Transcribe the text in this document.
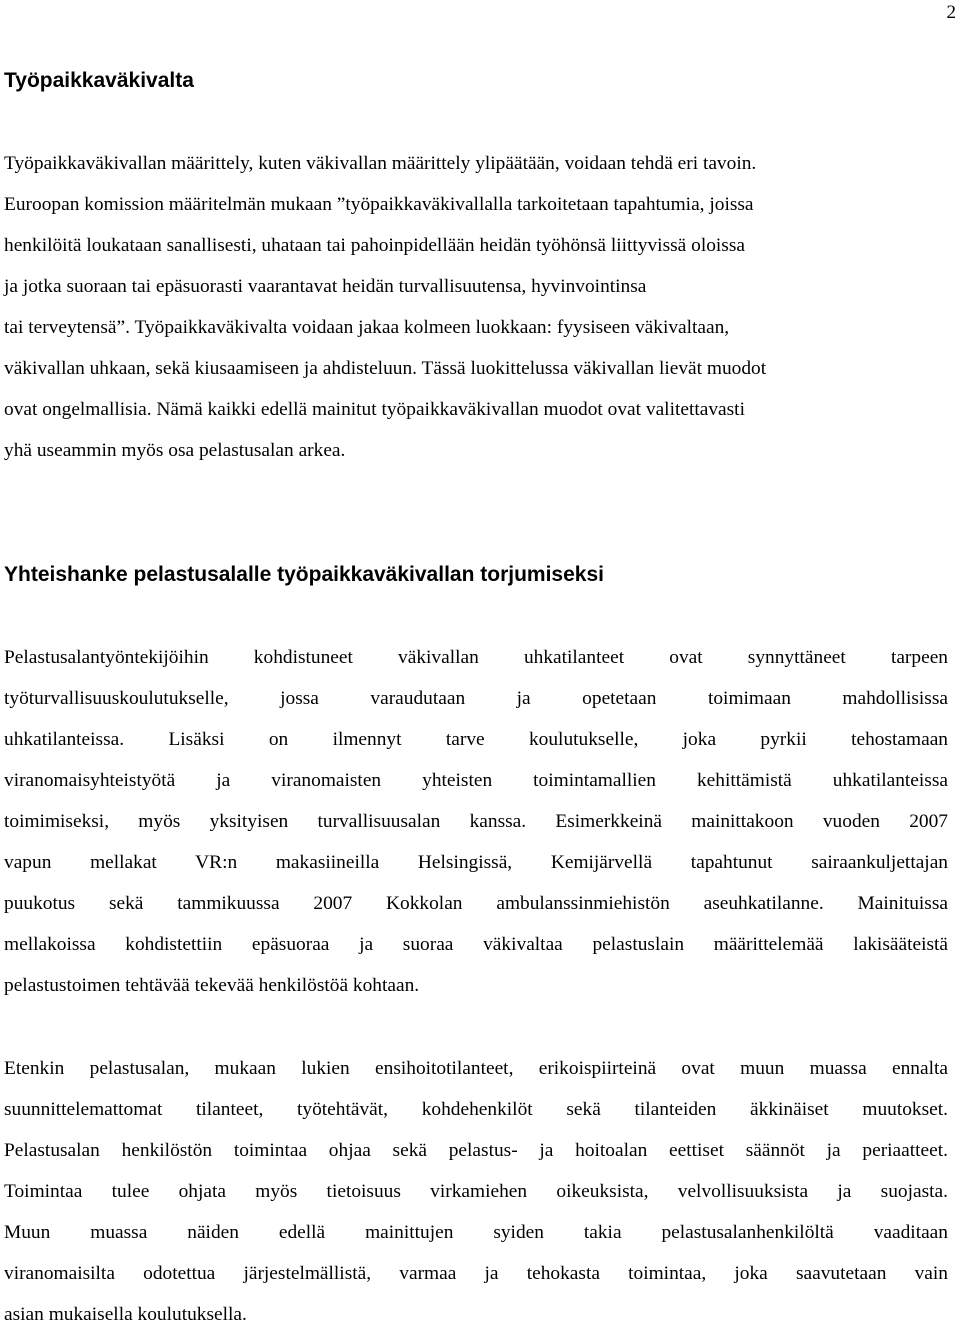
2
Työpaikkaväkivalta
Työpaikkaväkivallan määrittely, kuten väkivallan määrittely ylipäätään, voidaan tehdä eri tavoin.
Euroopan komission määritelmän mukaan ”työpaikkaväkivallalla tarkoitetaan tapahtumia, joissa
henkilöitä loukataan sanallisesti, uhataan tai pahoinpidellään heidän työhönsä liittyvissä oloissa
ja jotka suoraan tai epäsuorasti vaarantavat heidän turvallisuutensa, hyvinvointinsa
tai terveytensä”. Työpaikkaväkivalta voidaan jakaa kolmeen luokkaan: fyysiseen väkivaltaan,
väkivallan uhkaan, sekä kiusaamiseen ja ahdisteluun. Tässä luokittelussa väkivallan lievät muodot
ovat ongelmallisia. Nämä kaikki edellä mainitut työpaikkaväkivallan muodot ovat valitettavasti
yhä useammin myös osa pelastusalan arkea.
Yhteishanke pelastusalalle työpaikkaväkivallan torjumiseksi
Pelastusalantyöntekijöihin kohdistuneet väkivallan uhkatilanteet ovat synnyttäneet tarpeen
työturvallisuuskoulutukselle, jossa varaudutaan ja opetetaan toimimaan mahdollisissa
uhkatilanteissa. Lisäksi on ilmennyt tarve koulutukselle, joka pyrkii tehostamaan
viranomaisyhteistyötä ja viranomaisten yhteisten toimintamallien kehittämistä uhkatilanteissa
toimimiseksi, myös yksityisen turvallisuusalan kanssa. Esimerkkeinä mainittakoon vuoden 2007
vapun mellakat VR:n makasiineilla Helsingissä, Kemijärvellä tapahtunut sairaankuljettajan
puukotus sekä tammikuussa 2007 Kokkolan ambulanssinmiehistön aseuhkatilanne. Mainituissa
mellakoissa kohdistettiin epäsuoraa ja suoraa väkivaltaa pelastuslain määrittelemää lakisääteistä
pelastustoimen tehtävää tekevää henkilöstöä kohtaan.
Etenkin pelastusalan, mukaan lukien ensihoitotilanteet, erikoispiirteinä ovat muun muassa ennalta
suunnittelemattomat tilanteet, työtehtävät, kohdehenkilöt sekä tilanteiden äkkinäiset muutokset.
Pelastusalan henkilöstön toimintaa ohjaa sekä pelastus- ja hoitoalan eettiset säännöt ja periaatteet.
Toimintaa tulee ohjata myös tietoisuus virkamiehen oikeuksista, velvollisuuksista ja suojasta.
Muun muassa näiden edellä mainittujen syiden takia pelastusalanhenkilöltä vaaditaan
viranomaisilta odotettua järjestelmällistä, varmaa ja tehokasta toimintaa, joka saavutetaan vain
asian mukaisella koulutuksella.
